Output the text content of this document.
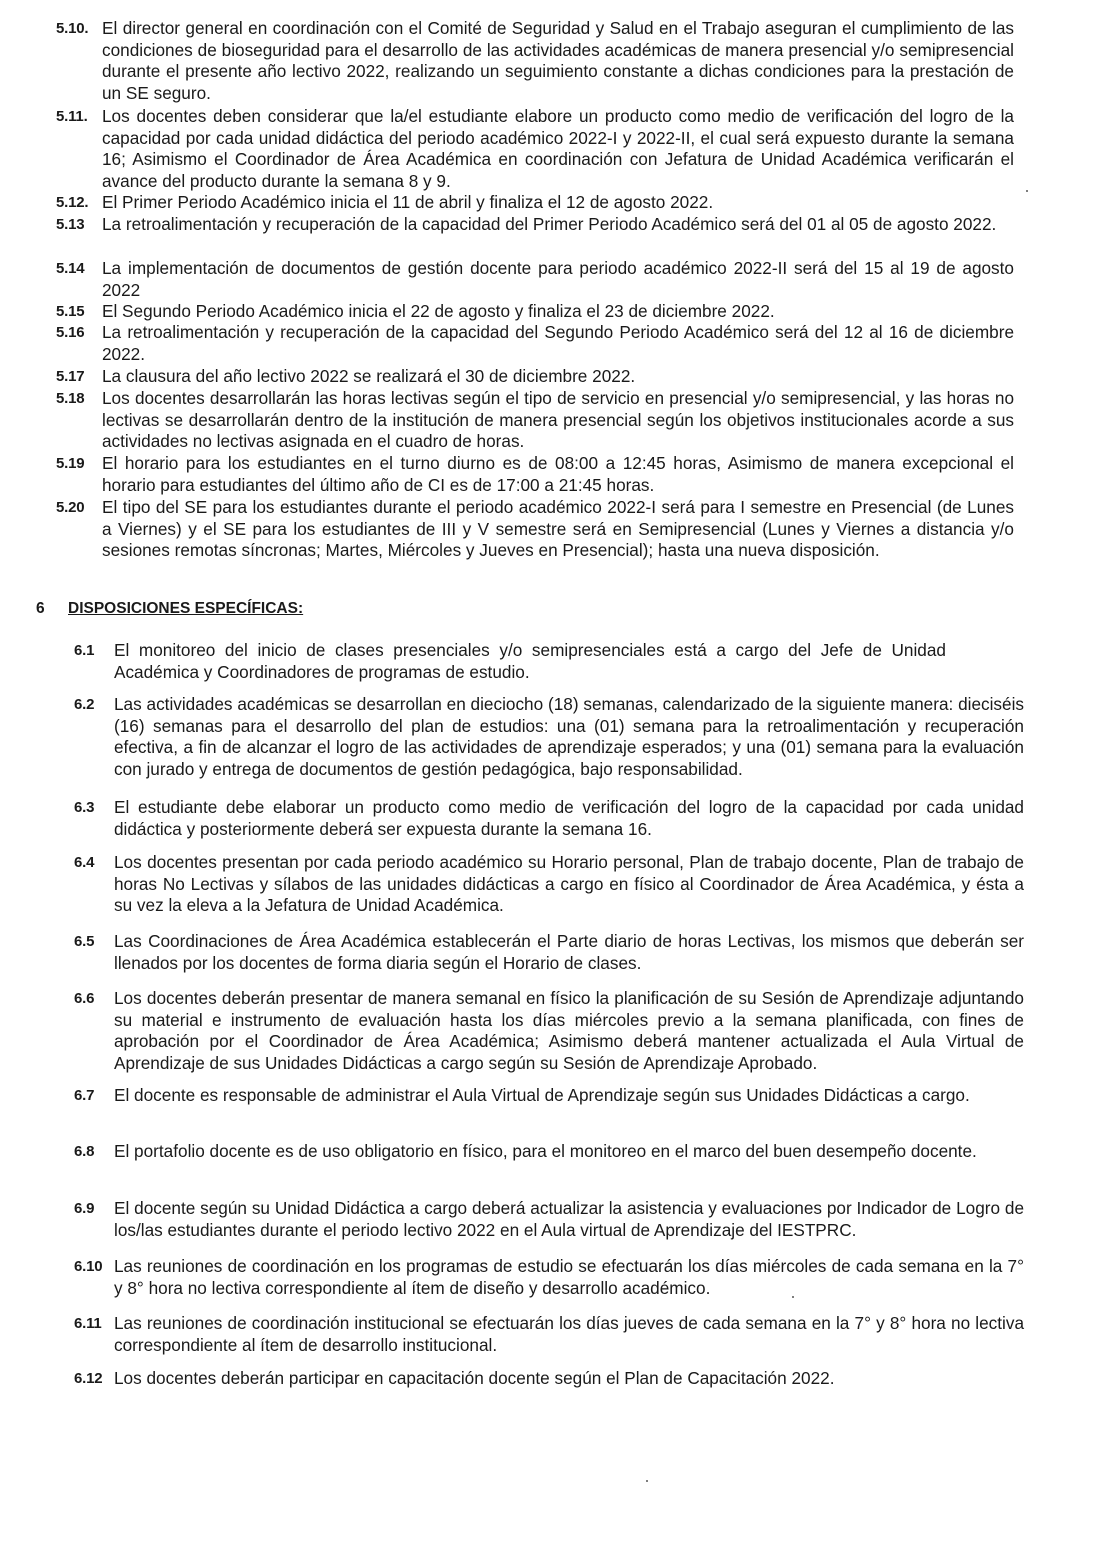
5.10. El director general en coordinación con el Comité de Seguridad y Salud en el Trabajo aseguran el cumplimiento de las condiciones de bioseguridad para el desarrollo de las actividades académicas de manera presencial y/o semipresencial durante el presente año lectivo 2022, realizando un seguimiento constante a dichas condiciones para la prestación de un SE seguro.
5.11. Los docentes deben considerar que la/el estudiante elabore un producto como medio de verificación del logro de la capacidad por cada unidad didáctica del periodo académico 2022-I y 2022-II, el cual será expuesto durante la semana 16; Asimismo el Coordinador de Área Académica en coordinación con Jefatura de Unidad Académica verificarán el avance del producto durante la semana 8 y 9.
5.12. El Primer Periodo Académico inicia el 11 de abril y finaliza el 12 de agosto 2022.
5.13 La retroalimentación y recuperación de la capacidad del Primer Periodo Académico será del 01 al 05 de agosto 2022.
5.14 La implementación de documentos de gestión docente para periodo académico 2022-II será del 15 al 19 de agosto 2022
5.15 El Segundo Periodo Académico inicia el 22 de agosto y finaliza el 23 de diciembre 2022.
5.16 La retroalimentación y recuperación de la capacidad del Segundo Periodo Académico será del 12 al 16 de diciembre 2022.
5.17 La clausura del año lectivo 2022 se realizará el 30 de diciembre 2022.
5.18 Los docentes desarrollarán las horas lectivas según el tipo de servicio en presencial y/o semipresencial, y las horas no lectivas se desarrollarán dentro de la institución de manera presencial según los objetivos institucionales acorde a sus actividades no lectivas asignada en el cuadro de horas.
5.19 El horario para los estudiantes en el turno diurno es de 08:00 a 12:45 horas, Asimismo de manera excepcional el horario para estudiantes del último año de CI es de 17:00 a 21:45 horas.
5.20 El tipo del SE para los estudiantes durante el periodo académico 2022-I será para I semestre en Presencial (de Lunes a Viernes) y el SE para los estudiantes de III y V semestre será en Semipresencial (Lunes y Viernes a distancia y/o sesiones remotas síncronas; Martes, Miércoles y Jueves en Presencial); hasta una nueva disposición.
6 DISPOSICIONES ESPECÍFICAS:
6.1 El monitoreo del inicio de clases presenciales y/o semipresenciales está a cargo del Jefe de Unidad Académica y Coordinadores de programas de estudio.
6.2 Las actividades académicas se desarrollan en dieciocho (18) semanas, calendarizado de la siguiente manera: dieciséis (16) semanas para el desarrollo del plan de estudios: una (01) semana para la retroalimentación y recuperación efectiva, a fin de alcanzar el logro de las actividades de aprendizaje esperados; y una (01) semana para la evaluación con jurado y entrega de documentos de gestión pedagógica, bajo responsabilidad.
6.3 El estudiante debe elaborar un producto como medio de verificación del logro de la capacidad por cada unidad didáctica y posteriormente deberá ser expuesta durante la semana 16.
6.4 Los docentes presentan por cada periodo académico su Horario personal, Plan de trabajo docente, Plan de trabajo de horas No Lectivas y sílabos de las unidades didácticas a cargo en físico al Coordinador de Área Académica, y ésta a su vez la eleva a la Jefatura de Unidad Académica.
6.5 Las Coordinaciones de Área Académica establecerán el Parte diario de horas Lectivas, los mismos que deberán ser llenados por los docentes de forma diaria según el Horario de clases.
6.6 Los docentes deberán presentar de manera semanal en físico la planificación de su Sesión de Aprendizaje adjuntando su material e instrumento de evaluación hasta los días miércoles previo a la semana planificada, con fines de aprobación por el Coordinador de Área Académica; Asimismo deberá mantener actualizada el Aula Virtual de Aprendizaje de sus Unidades Didácticas a cargo según su Sesión de Aprendizaje Aprobado.
6.7 El docente es responsable de administrar el Aula Virtual de Aprendizaje según sus Unidades Didácticas a cargo.
6.8 El portafolio docente es de uso obligatorio en físico, para el monitoreo en el marco del buen desempeño docente.
6.9 El docente según su Unidad Didáctica a cargo deberá actualizar la asistencia y evaluaciones por Indicador de Logro de los/las estudiantes durante el periodo lectivo 2022 en el Aula virtual de Aprendizaje del IESTPRC.
6.10 Las reuniones de coordinación en los programas de estudio se efectuarán los días miércoles de cada semana en la 7° y 8° hora no lectiva correspondiente al ítem de diseño y desarrollo académico.
6.11 Las reuniones de coordinación institucional se efectuarán los días jueves de cada semana en la 7° y 8° hora no lectiva correspondiente al ítem de desarrollo institucional.
6.12 Los docentes deberán participar en capacitación docente según el Plan de Capacitación 2022.
